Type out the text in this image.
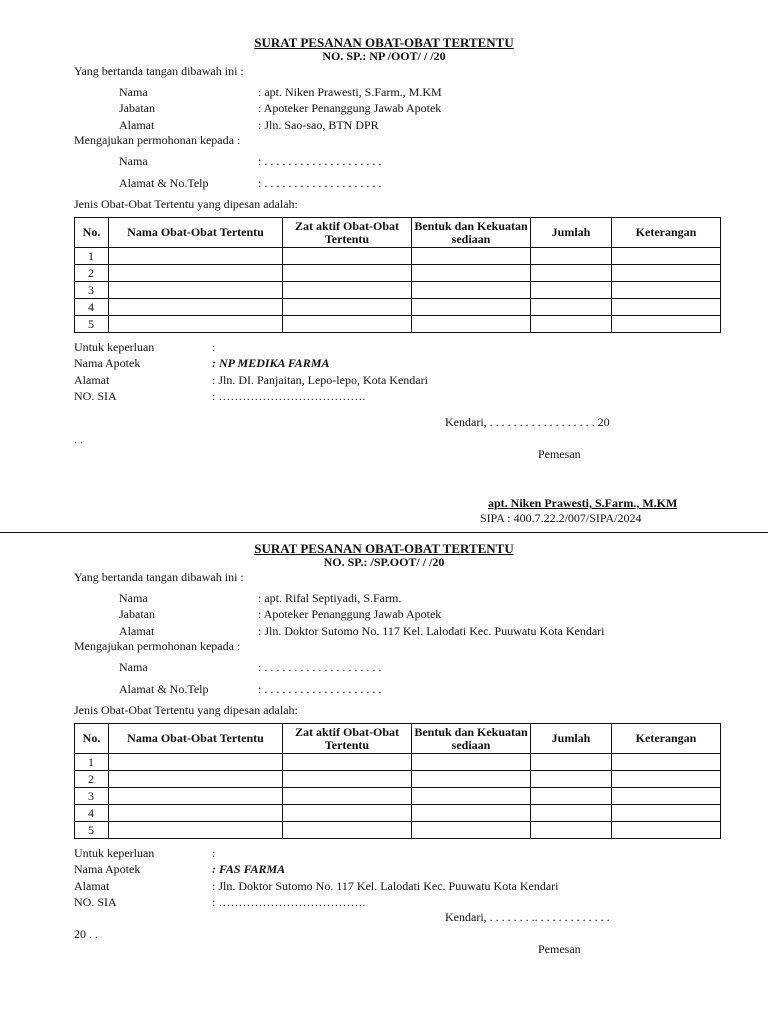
SURAT PESANAN OBAT-OBAT TERTENTU
NO. SP.: NP /OOT/ / /20
Yang bertanda tangan dibawah ini :
Nama	: apt. Niken Prawesti, S.Farm., M.KM
Jabatan	: Apoteker Penanggung Jawab Apotek
Alamat	: Jln. Sao-sao, BTN DPR
Mengajukan permohonan kepada :
Nama	: . . . . . . . . . . . . . . . . . . . .
Alamat & No.Telp	: . . . . . . . . . . . . . . . . . . . .
Jenis Obat-Obat Tertentu yang dipesan adalah:
No.	Nama Obat-Obat Tertentu	Zat aktif Obat-Obat Tertentu	Bentuk dan Kekuatan sediaan	Jumlah	Keterangan
1					
2					
3					
4					
5					
Untuk keperluan	:
Nama Apotek	: NP MEDIKA FARMA
Alamat	: Jln. DI. Panjaitan, Lepo-lepo, Kota Kendari
NO. SIA	: ……………………………….
Kendari, . . . . . . . . . . . . . . . . . . 20
. .
Pemesan
apt. Niken Prawesti, S.Farm., M.KM
SIPA : 400.7.22.2/007/SIPA/2024
SURAT PESANAN OBAT-OBAT TERTENTU
NO. SP.: /SP.OOT/ / /20
Yang bertanda tangan dibawah ini :
Nama	: apt. Rifal Septiyadi, S.Farm.
Jabatan	: Apoteker Penanggung Jawab Apotek
Alamat	: Jln. Doktor Sutomo No. 117 Kel. Lalodati Kec. Puuwatu Kota Kendari
Mengajukan permohonan kepada :
Nama	: . . . . . . . . . . . . . . . . . . . .
Alamat & No.Telp	: . . . . . . . . . . . . . . . . . . . .
Jenis Obat-Obat Tertentu yang dipesan adalah:
No.	Nama Obat-Obat Tertentu	Zat aktif Obat-Obat Tertentu	Bentuk dan Kekuatan sediaan	Jumlah	Keterangan
1					
2					
3					
4					
5					
Untuk keperluan	:
Nama Apotek	: FAS FARMA
Alamat	: Jln. Doktor Sutomo No. 117 Kel. Lalodati Kec. Puuwatu Kota Kendari
NO. SIA	: ……………………………….
Kendari, . . . . . . . .. . . . . . . . . . . . .
20 . .
Pemesan
